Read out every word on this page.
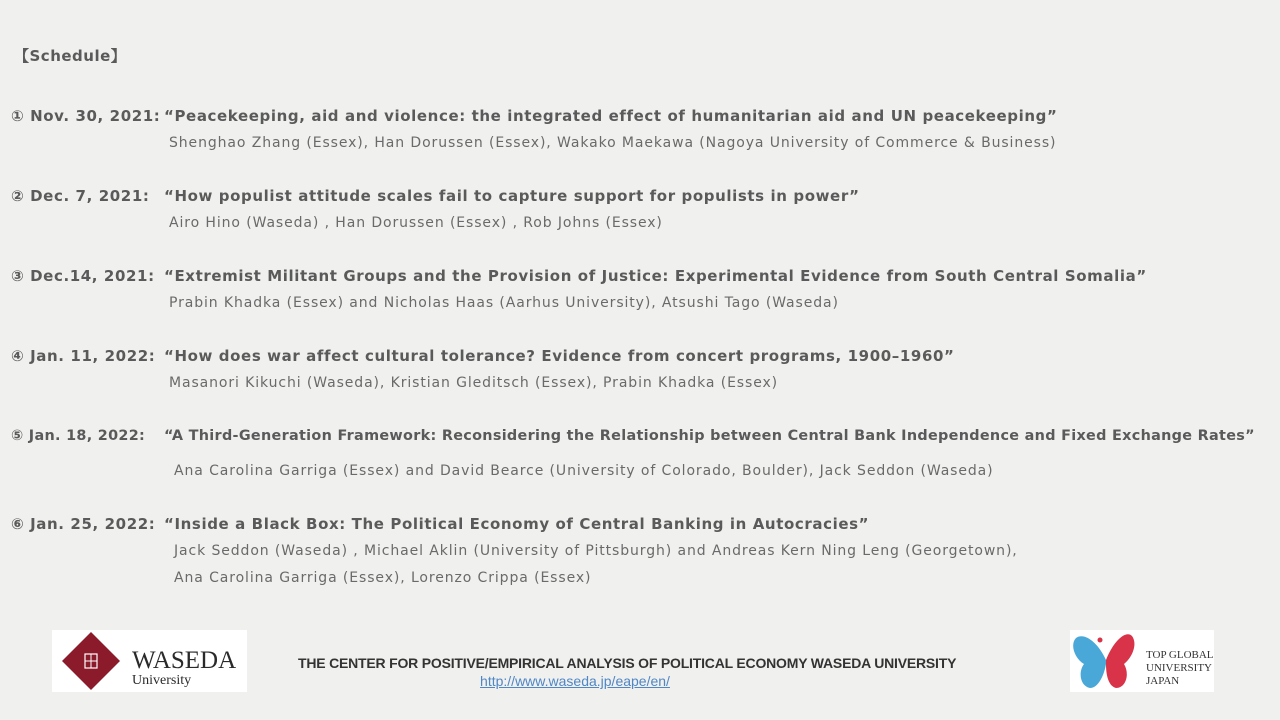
【Schedule】
① Nov. 30, 2021: “Peacekeeping, aid and violence: the integrated effect of humanitarian aid and UN peacekeeping”
Shenghao Zhang (Essex), Han Dorussen (Essex), Wakako Maekawa (Nagoya University of Commerce & Business)
② Dec. 7, 2021: “How populist attitude scales fail to capture support for populists in power”
Airo Hino (Waseda) , Han Dorussen (Essex) , Rob Johns (Essex)
③ Dec.14, 2021: “Extremist Militant Groups and the Provision of Justice: Experimental Evidence from South Central Somalia”
Prabin Khadka (Essex) and Nicholas Haas (Aarhus University), Atsushi Tago (Waseda)
④ Jan. 11, 2022: “How does war affect cultural tolerance? Evidence from concert programs, 1900–1960”
Masanori Kikuchi (Waseda), Kristian Gleditsch (Essex), Prabin Khadka (Essex)
⑤ Jan. 18, 2022:	“A Third-Generation Framework: Reconsidering the Relationship between Central Bank Independence and Fixed Exchange Rates”
Ana Carolina Garriga (Essex) and David Bearce (University of Colorado, Boulder), Jack Seddon (Waseda)
⑥ Jan. 25, 2022: “Inside a Black Box: The Political Economy of Central Banking in Autocracies”
Jack Seddon (Waseda) , Michael Aklin (University of Pittsburgh) and Andreas Kern Ning Leng (Georgetown),
Ana Carolina Garriga (Essex), Lorenzo Crippa (Essex)
WASEDA
University
THE CENTER FOR POSITIVE/EMPIRICAL ANALYSIS OF POLITICAL ECONOMY WASEDA UNIVERSITY
http://www.waseda.jp/eape/en/
TOP GLOBAL
UNIVERSITY
JAPAN
